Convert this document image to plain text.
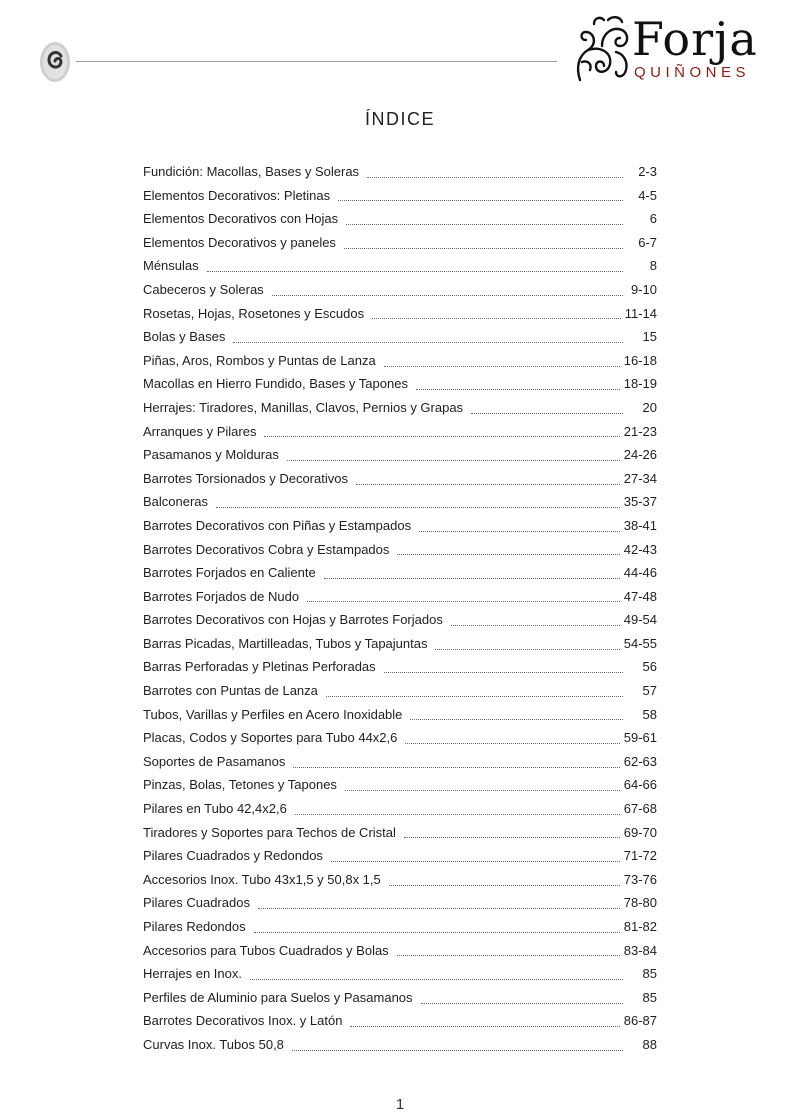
Forja
QUIÑONES
ÍNDICE
Fundición: Macollas, Bases y Soleras	2-3
Elementos Decorativos: Pletinas	4-5
Elementos Decorativos con Hojas	6
Elementos Decorativos y paneles	6-7
Ménsulas	8
Cabeceros y Soleras	9-10
Rosetas, Hojas, Rosetones y Escudos	11-14
Bolas y Bases	15
Piñas, Aros, Rombos y Puntas de Lanza	16-18
Macollas en Hierro Fundido, Bases y Tapones	18-19
Herrajes: Tiradores, Manillas, Clavos, Pernios y Grapas	20
Arranques y Pilares	21-23
Pasamanos y Molduras	24-26
Barrotes Torsionados y Decorativos	27-34
Balconeras	35-37
Barrotes Decorativos con Piñas y Estampados	38-41
Barrotes Decorativos Cobra y Estampados	42-43
Barrotes Forjados en Caliente	44-46
Barrotes Forjados de Nudo	47-48
Barrotes Decorativos con Hojas y Barrotes Forjados	49-54
Barras Picadas, Martilleadas, Tubos y Tapajuntas	54-55
Barras Perforadas y Pletinas Perforadas	56
Barrotes con Puntas de Lanza	57
Tubos, Varillas y Perfiles en Acero Inoxidable	58
Placas, Codos y Soportes para Tubo 44x2,6	59-61
Soportes de Pasamanos	62-63
Pinzas, Bolas, Tetones y Tapones	64-66
Pilares en Tubo 42,4x2,6	67-68
Tiradores y Soportes para Techos de Cristal	69-70
Pilares Cuadrados y Redondos	71-72
Accesorios Inox. Tubo 43x1,5 y 50,8x 1,5	73-76
Pilares Cuadrados	78-80
Pilares Redondos	81-82
Accesorios para Tubos Cuadrados y Bolas	83-84
Herrajes en Inox.	85
Perfiles de Aluminio para Suelos y Pasamanos	85
Barrotes Decorativos Inox. y Latón	86-87
Curvas Inox. Tubos 50,8	88
1
